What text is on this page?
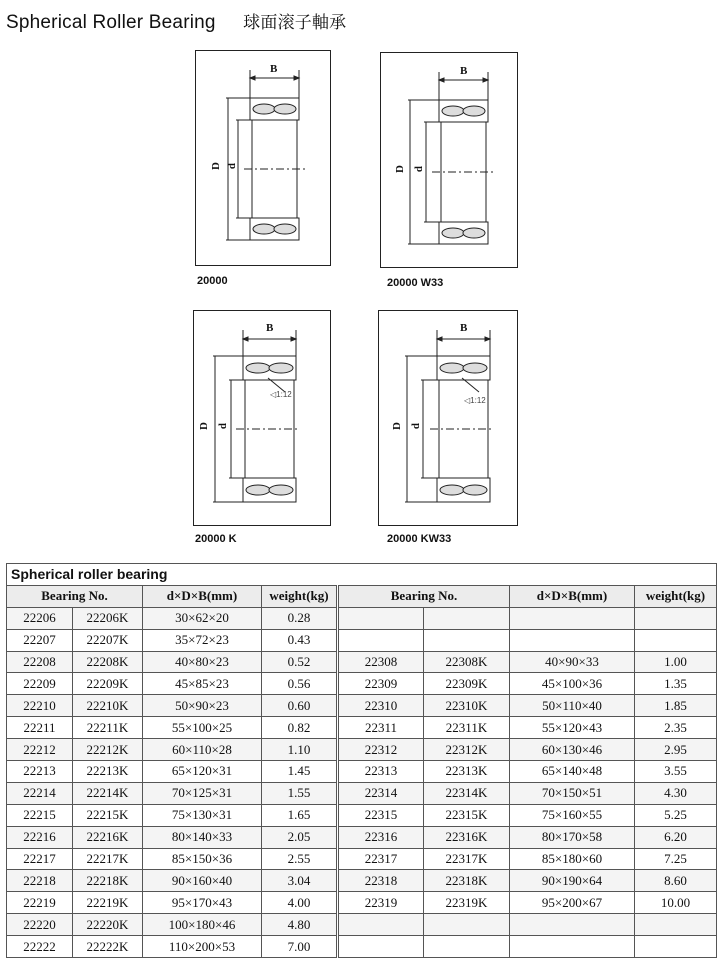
Spherical Roller Bearing 球面滚子軸承
B
D d
20000
B
D d
20000 W33
B
D d
◁1:12
20000 K
B
D d
◁1:12
20000 KW33
Spherical roller bearing							
Bearing No.		d×D×B(mm)	weight(kg)	Bearing No.		d×D×B(mm)	weight(kg)
22206	22206K	30×62×20	0.28				
22207	22207K	35×72×23	0.43				
22208	22208K	40×80×23	0.52	22308	22308K	40×90×33	1.00
22209	22209K	45×85×23	0.56	22309	22309K	45×100×36	1.35
22210	22210K	50×90×23	0.60	22310	22310K	50×110×40	1.85
22211	22211K	55×100×25	0.82	22311	22311K	55×120×43	2.35
22212	22212K	60×110×28	1.10	22312	22312K	60×130×46	2.95
22213	22213K	65×120×31	1.45	22313	22313K	65×140×48	3.55
22214	22214K	70×125×31	1.55	22314	22314K	70×150×51	4.30
22215	22215K	75×130×31	1.65	22315	22315K	75×160×55	5.25
22216	22216K	80×140×33	2.05	22316	22316K	80×170×58	6.20
22217	22217K	85×150×36	2.55	22317	22317K	85×180×60	7.25
22218	22218K	90×160×40	3.04	22318	22318K	90×190×64	8.60
22219	22219K	95×170×43	4.00	22319	22319K	95×200×67	10.00
22220	22220K	100×180×46	4.80				
22222	22222K	110×200×53	7.00				
